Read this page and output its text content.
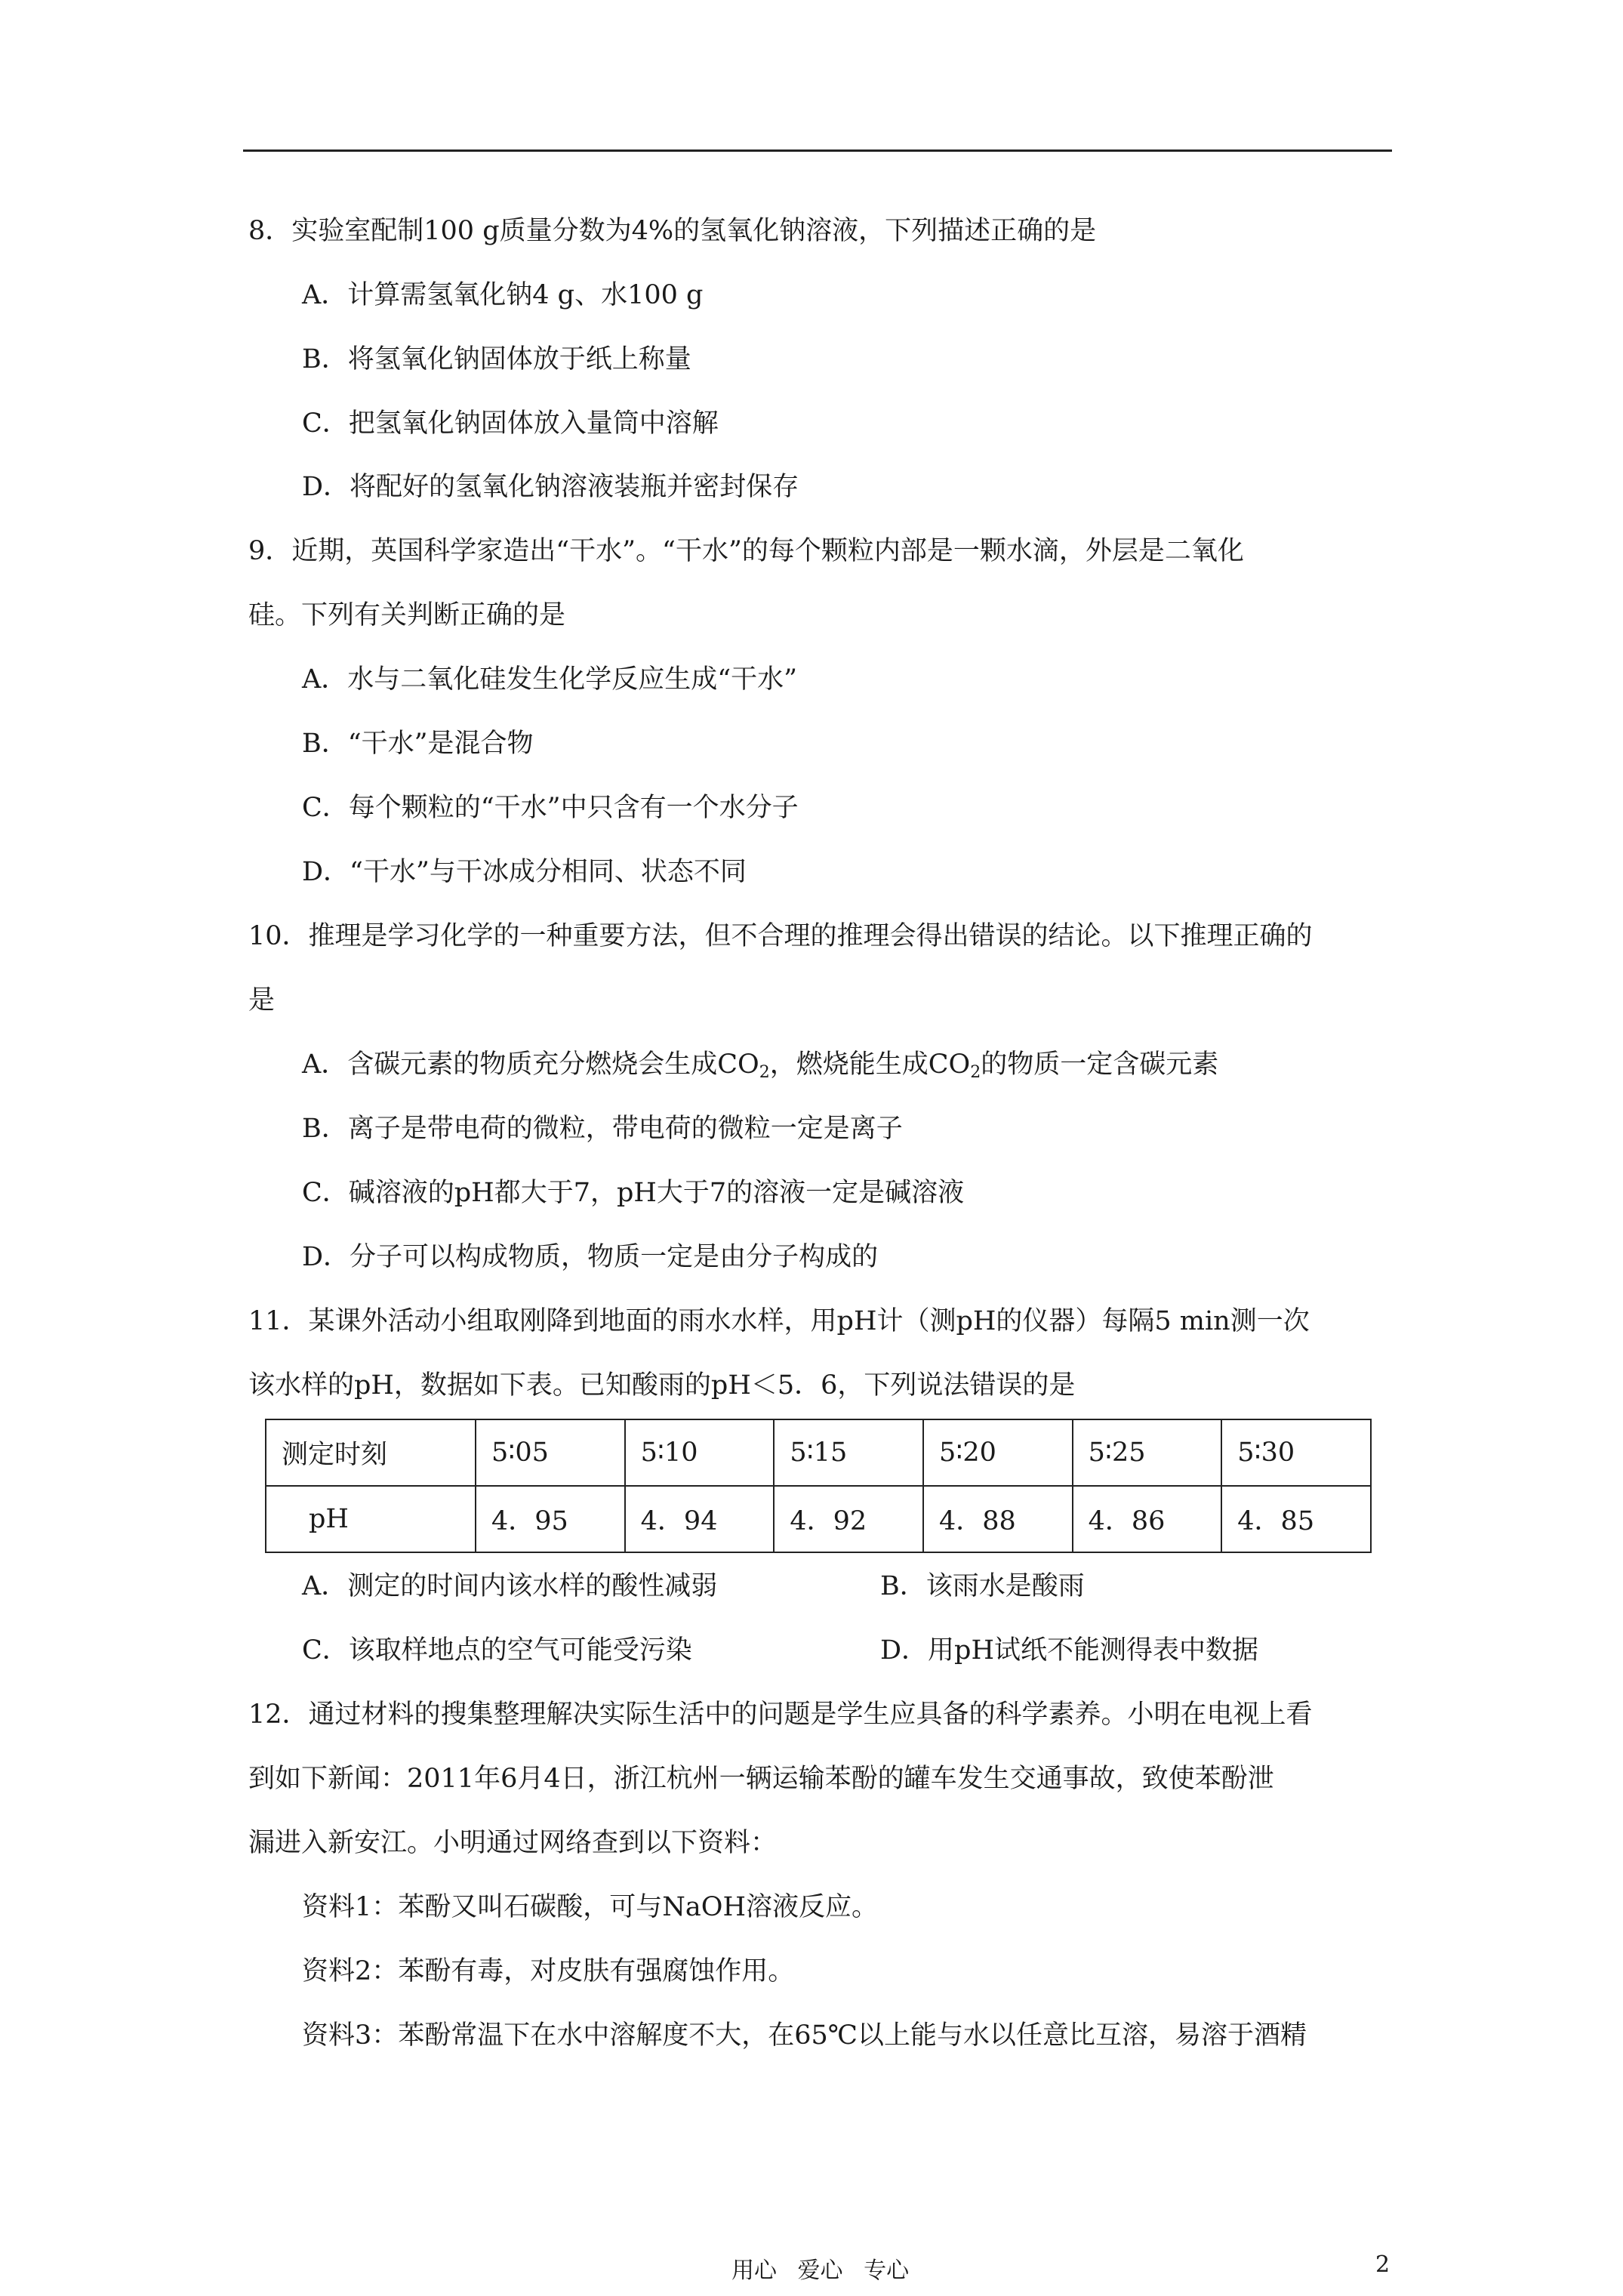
8．实验室配制100 g质量分数为4%的氢氧化钠溶液，下列描述正确的是
A．计算需氢氧化钠4 g、水100 g
B．将氢氧化钠固体放于纸上称量
C．把氢氧化钠固体放入量筒中溶解
D．将配好的氢氧化钠溶液装瓶并密封保存
9．近期，英国科学家造出“干水”。“干水”的每个颗粒内部是一颗水滴，外层是二氧化
硅。下列有关判断正确的是
A．水与二氧化硅发生化学反应生成“干水”
B．“干水”是混合物
C．每个颗粒的“干水”中只含有一个水分子
D．“干水”与干冰成分相同、状态不同
10．推理是学习化学的一种重要方法，但不合理的推理会得出错误的结论。以下推理正确的
是
A．含碳元素的物质充分燃烧会生成$CO_2$，燃烧能生成$CO_2$的物质一定含碳元素
B．离子是带电荷的微粒，带电荷的微粒一定是离子
C．碱溶液的pH都大于7，pH大于7的溶液一定是碱溶液
D．分子可以构成物质，物质一定是由分子构成的
11．某课外活动小组取刚降到地面的雨水水样，用pH计（测pH的仪器）每隔5 min测一次
该水样的pH，数据如下表。已知酸雨的pH＜5．6，下列说法错误的是
测定时刻	5∶05	5∶10	5∶15	5∶20	5∶25	5∶30
pH	4．95	4．94	4．92	4．88	4．86	4．85
A．测定的时间内该水样的酸性减弱	B．该雨水是酸雨
C．该取样地点的空气可能受污染	D．用pH试纸不能测得表中数据
12．通过材料的搜集整理解决实际生活中的问题是学生应具备的科学素养。小明在电视上看
到如下新闻：2011年6月4日，浙江杭州一辆运输苯酚的罐车发生交通事故，致使苯酚泄
漏进入新安江。小明通过网络查到以下资料：
资料1：苯酚又叫石碳酸，可与NaOH溶液反应。
资料2：苯酚有毒，对皮肤有强腐蚀作用。
资料3：苯酚常温下在水中溶解度不大，在65℃以上能与水以任意比互溶，易溶于酒精
用心 爱心 专心	2
